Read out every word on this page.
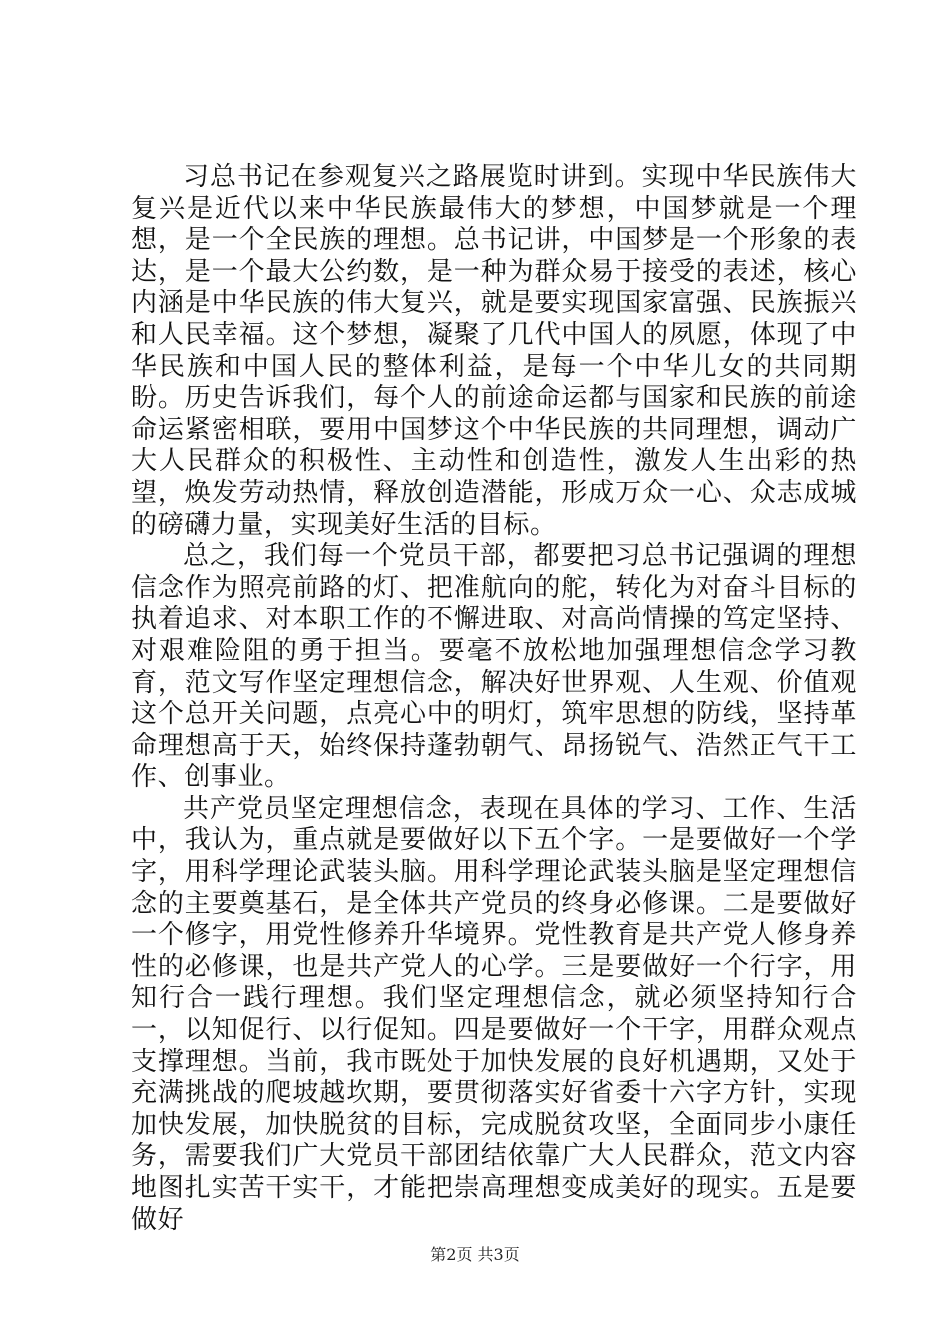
习总书记在参观复兴之路展览时讲到。实现中华民族伟大复兴是近代以来中华民族最伟大的梦想，中国梦就是一个理想，是一个全民族的理想。总书记讲，中国梦是一个形象的表达，是一个最大公约数，是一种为群众易于接受的表述，核心内涵是中华民族的伟大复兴，就是要实现国家富强、民族振兴和人民幸福。这个梦想，凝聚了几代中国人的夙愿，体现了中华民族和中国人民的整体利益，是每一个中华儿女的共同期盼。历史告诉我们，每个人的前途命运都与国家和民族的前途命运紧密相联，要用中国梦这个中华民族的共同理想，调动广大人民群众的积极性、主动性和创造性，激发人生出彩的热望，焕发劳动热情，释放创造潜能，形成万众一心、众志成城的磅礴力量，实现美好生活的目标。

总之，我们每一个党员干部，都要把习总书记强调的理想信念作为照亮前路的灯、把准航向的舵，转化为对奋斗目标的执着追求、对本职工作的不懈进取、对高尚情操的笃定坚持、对艰难险阻的勇于担当。要毫不放松地加强理想信念学习教育，范文写作坚定理想信念，解决好世界观、人生观、价值观这个总开关问题，点亮心中的明灯，筑牢思想的防线，坚持革命理想高于天，始终保持蓬勃朝气、昂扬锐气、浩然正气干工作、创事业。

共产党员坚定理想信念，表现在具体的学习、工作、生活中，我认为，重点就是要做好以下五个字。一是要做好一个学字，用科学理论武装头脑。用科学理论武装头脑是坚定理想信念的主要奠基石，是全体共产党员的终身必修课。二是要做好一个修字，用党性修养升华境界。党性教育是共产党人修身养性的必修课，也是共产党人的心学。三是要做好一个行字，用知行合一践行理想。我们坚定理想信念，就必须坚持知行合一，以知促行、以行促知。四是要做好一个干字，用群众观点支撑理想。当前，我市既处于加快发展的良好机遇期，又处于充满挑战的爬坡越坎期，要贯彻落实好省委十六字方针，实现加快发展，加快脱贫的目标，完成脱贫攻坚，全面同步小康任务，需要我们广大党员干部团结依靠广大人民群众，范文内容地图扎实苦干实干，才能把崇高理想变成美好的现实。五是要做好

第2页 共3页
